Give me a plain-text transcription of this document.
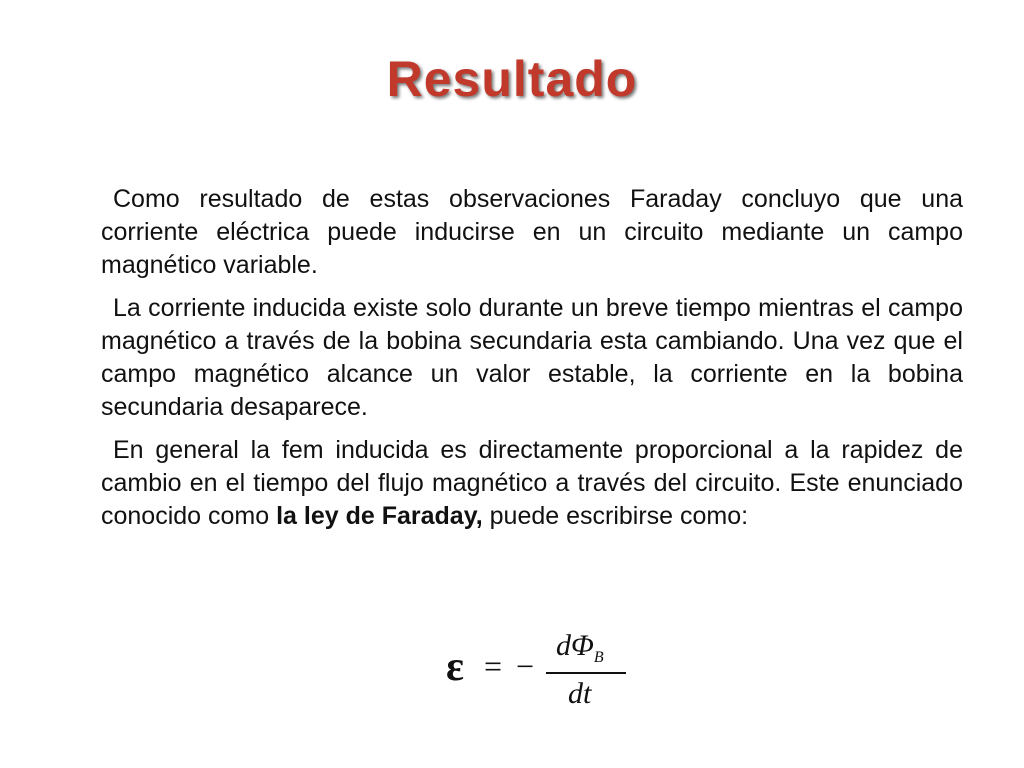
Resultado

Como resultado de estas observaciones Faraday concluyo que una corriente eléctrica puede inducirse en un circuito mediante un campo magnético variable.

La corriente inducida existe solo durante un breve tiempo mientras el campo magnético a través de la bobina secundaria esta cambiando. Una vez que el campo magnético alcance un valor estable, la corriente en la bobina secundaria desaparece.

En general la fem inducida es directamente proporcional a la rapidez de cambio en el tiempo del flujo magnético a través del circuito. Este enunciado conocido como la ley de Faraday, puede escribirse como:

ε = −
$d\Phi_B$
dt
